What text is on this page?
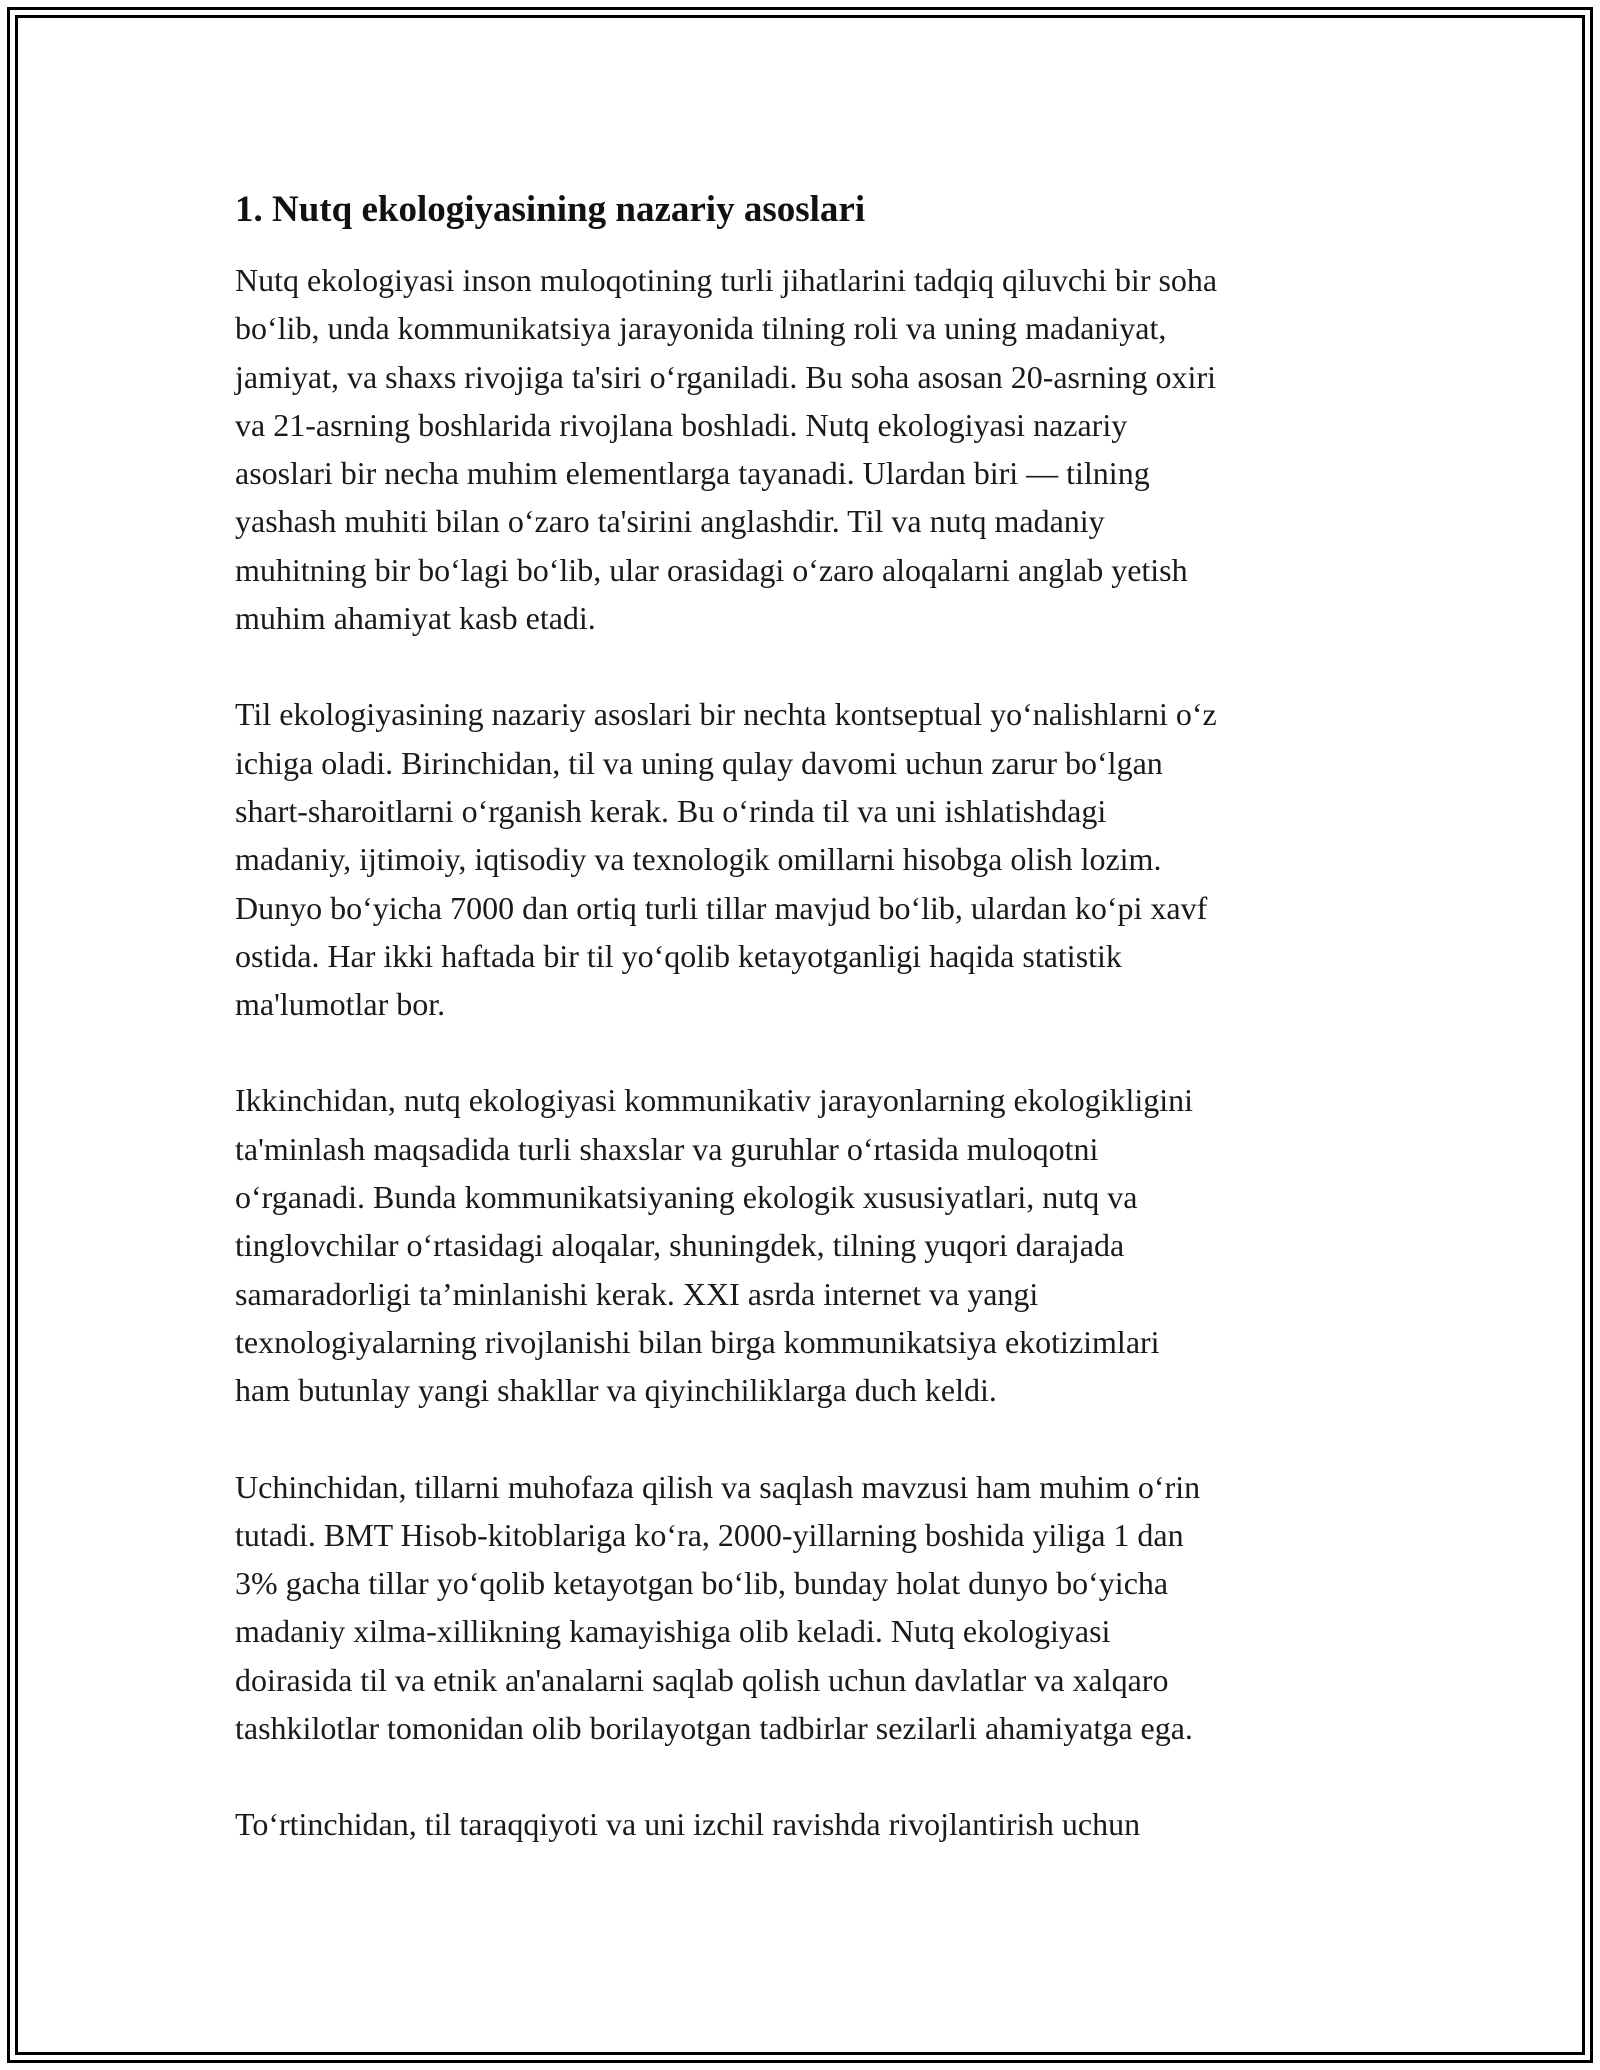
1. Nutq ekologiyasining nazariy asoslari

Nutq ekologiyasi inson muloqotining turli jihatlarini tadqiq qiluvchi bir soha
bo‘lib, unda kommunikatsiya jarayonida tilning roli va uning madaniyat,
jamiyat, va shaxs rivojiga ta'siri o‘rganiladi. Bu soha asosan 20-asrning oxiri
va 21-asrning boshlarida rivojlana boshladi. Nutq ekologiyasi nazariy
asoslari bir necha muhim elementlarga tayanadi. Ulardan biri — tilning
yashash muhiti bilan o‘zaro ta'sirini anglashdir. Til va nutq madaniy
muhitning bir bo‘lagi bo‘lib, ular orasidagi o‘zaro aloqalarni anglab yetish
muhim ahamiyat kasb etadi.

Til ekologiyasining nazariy asoslari bir nechta kontseptual yo‘nalishlarni o‘z
ichiga oladi. Birinchidan, til va uning qulay davomi uchun zarur bo‘lgan
shart-sharoitlarni o‘rganish kerak. Bu o‘rinda til va uni ishlatishdagi
madaniy, ijtimoiy, iqtisodiy va texnologik omillarni hisobga olish lozim.
Dunyo bo‘yicha 7000 dan ortiq turli tillar mavjud bo‘lib, ulardan ko‘pi xavf
ostida. Har ikki haftada bir til yo‘qolib ketayotganligi haqida statistik
ma'lumotlar bor.

Ikkinchidan, nutq ekologiyasi kommunikativ jarayonlarning ekologikligini
ta'minlash maqsadida turli shaxslar va guruhlar o‘rtasida muloqotni
o‘rganadi. Bunda kommunikatsiyaning ekologik xususiyatlari, nutq va
tinglovchilar o‘rtasidagi aloqalar, shuningdek, tilning yuqori darajada
samaradorligi ta’minlanishi kerak. XXI asrda internet va yangi
texnologiyalarning rivojlanishi bilan birga kommunikatsiya ekotizimlari
ham butunlay yangi shakllar va qiyinchiliklarga duch keldi.

Uchinchidan, tillarni muhofaza qilish va saqlash mavzusi ham muhim o‘rin
tutadi. BMT Hisob-kitoblariga ko‘ra, 2000-yillarning boshida yiliga 1 dan
3% gacha tillar yo‘qolib ketayotgan bo‘lib, bunday holat dunyo bo‘yicha
madaniy xilma-xillikning kamayishiga olib keladi. Nutq ekologiyasi
doirasida til va etnik an'analarni saqlab qolish uchun davlatlar va xalqaro
tashkilotlar tomonidan olib borilayotgan tadbirlar sezilarli ahamiyatga ega.

To‘rtinchidan, til taraqqiyoti va uni izchil ravishda rivojlantirish uchun
